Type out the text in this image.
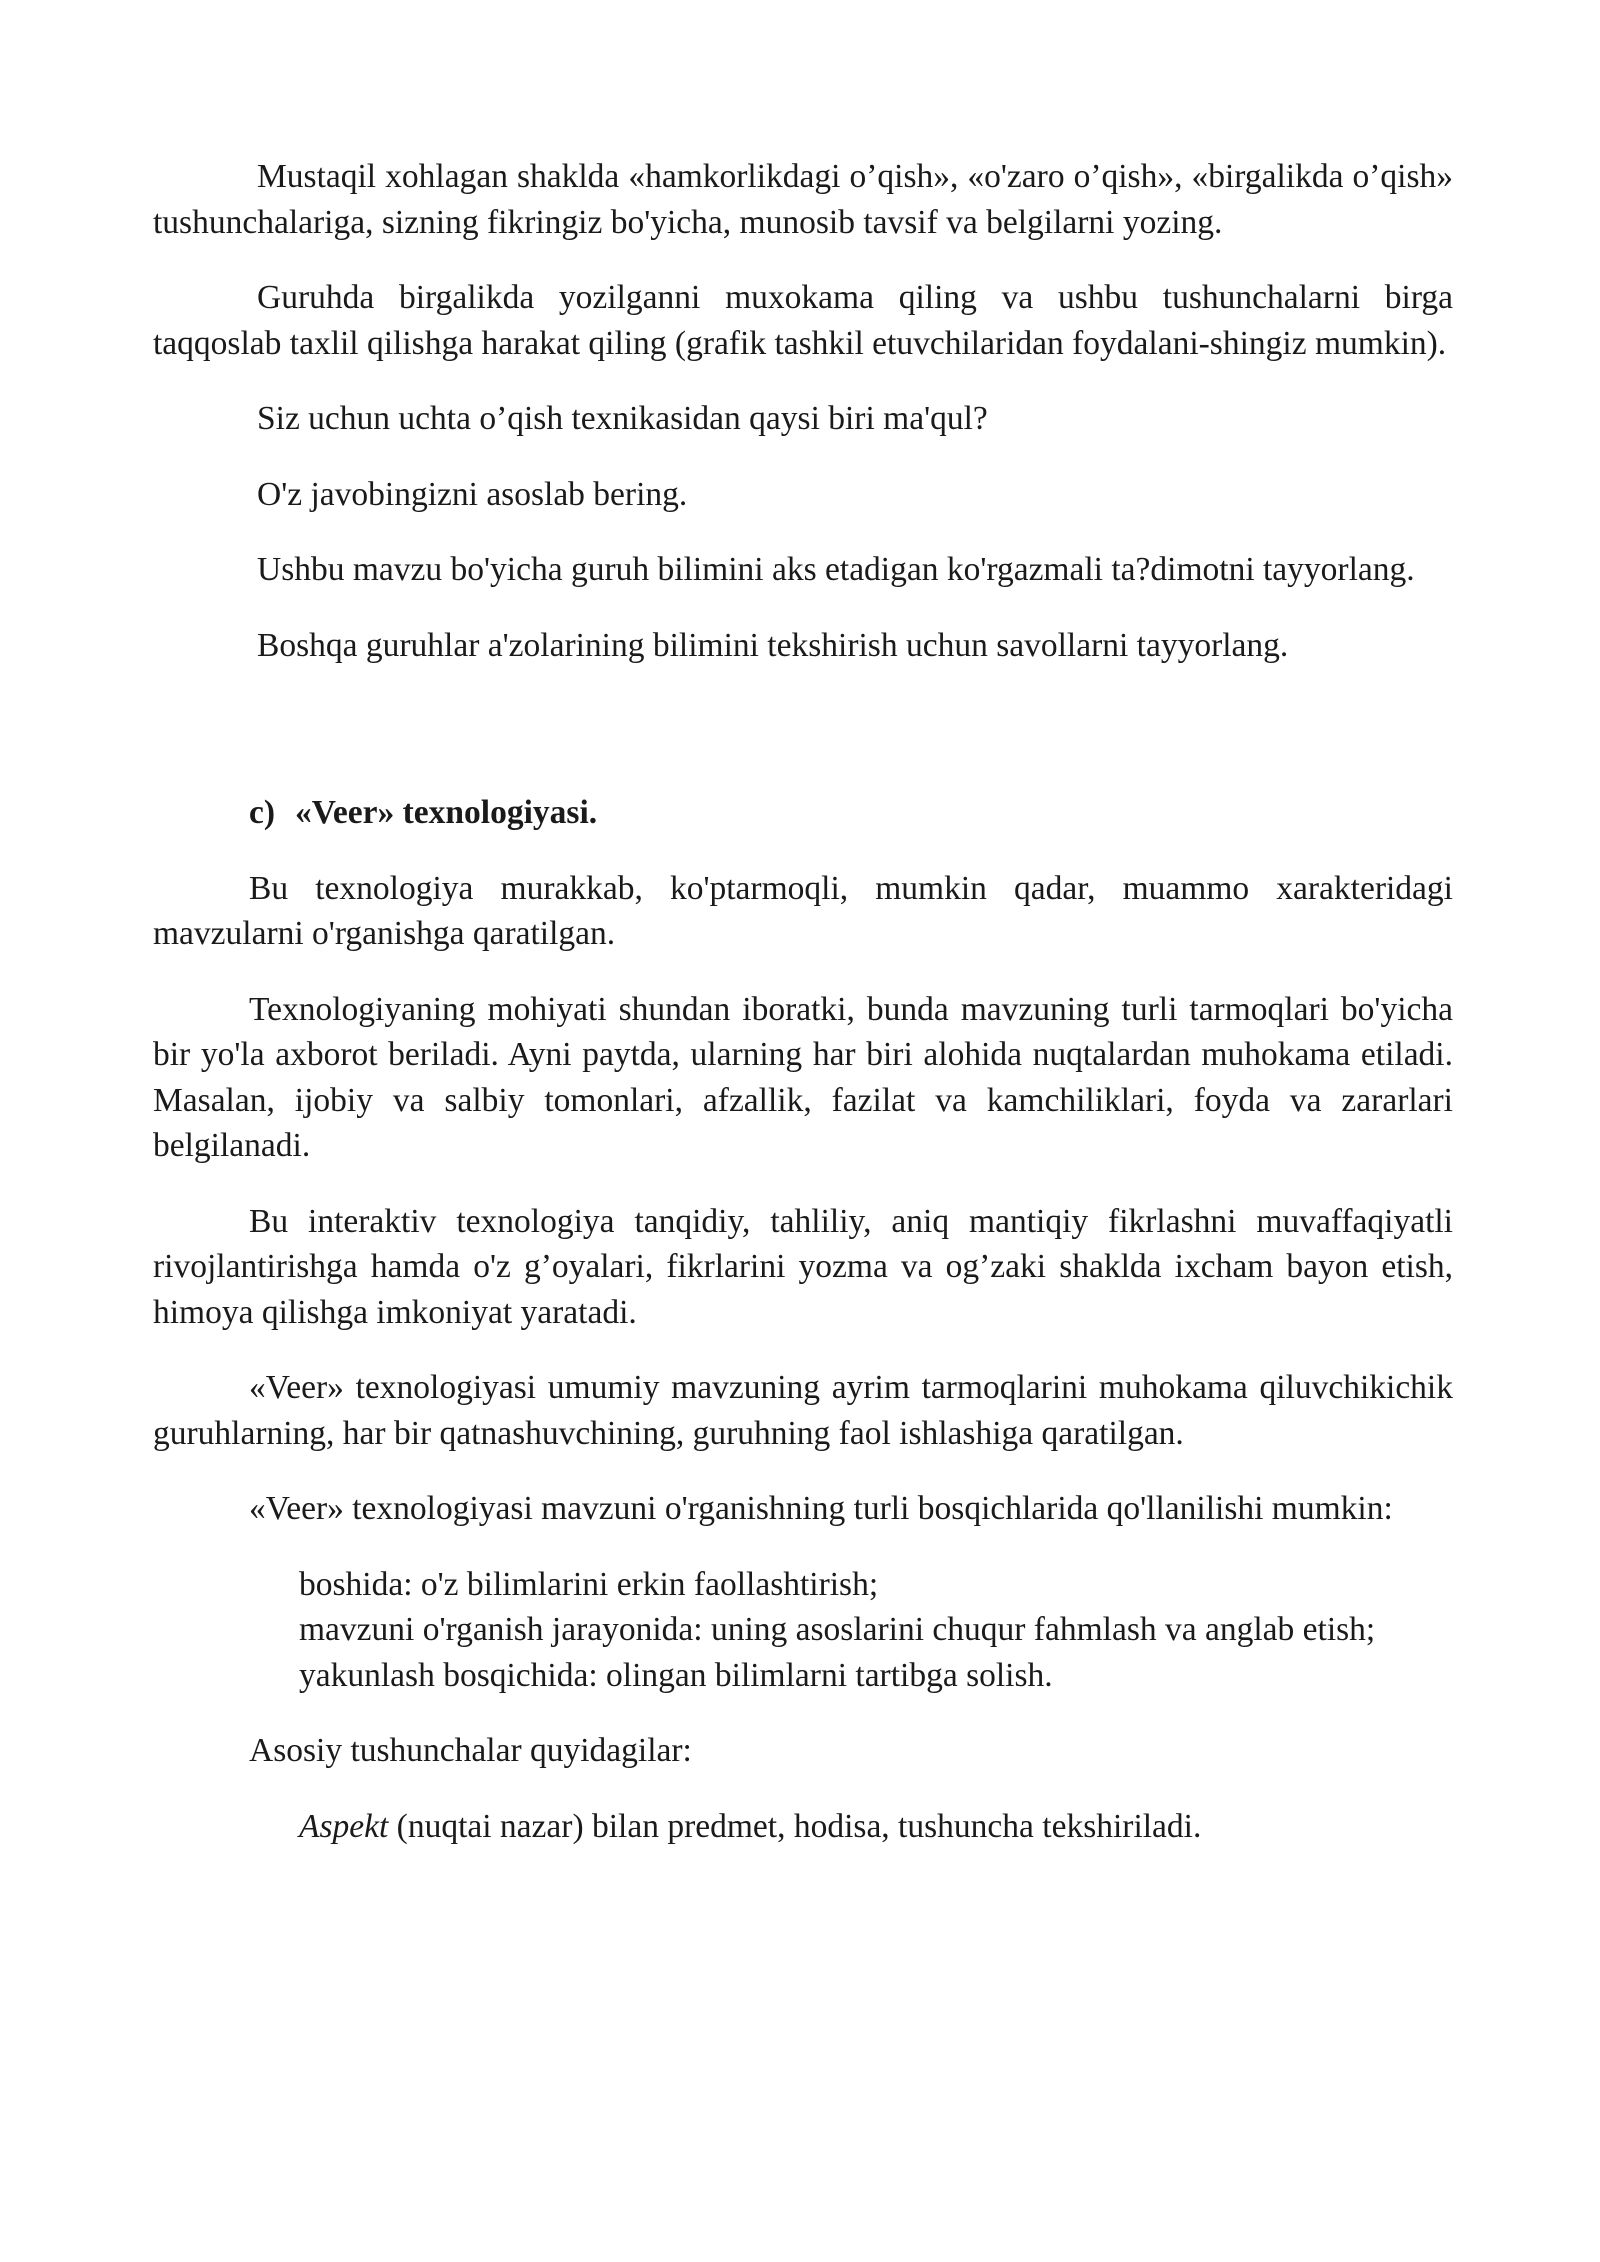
Mustaqil xohlagan shaklda «hamkorlikdagi o’qish», «o'zaro o’qish», «birgalikda o’qish» tushunchalariga, sizning fikringiz bo'yicha, munosib tavsif va belgilarni yozing.

Guruhda birgalikda yozilganni muxokama qiling va ushbu tushunchalarni birga taqqoslab taxlil qilishga harakat qiling (grafik tashkil etuvchilaridan foydalani-shingiz mumkin).

Siz uchun uchta o’qish texnikasidan qaysi biri ma'qul?

O'z javobingizni asoslab bering.

Ushbu mavzu bo'yicha guruh bilimini aks etadigan ko'rgazmali ta?dimotni tayyorlang.

Boshqa guruhlar a'zolarining bilimini tekshirish uchun savollarni tayyorlang.

c) «Veer» texnologiyasi.

Bu texnologiya murakkab, ko'ptarmoqli, mumkin qadar, muammo xarakteridagi mavzularni o'rganishga qaratilgan.

Texnologiyaning mohiyati shundan iboratki, bunda mavzuning turli tarmoqlari bo'yicha bir yo'la axborot beriladi. Ayni paytda, ularning har biri alohida nuqtalardan muhokama etiladi. Masalan, ijobiy va salbiy tomonlari, afzallik, fazilat va kamchiliklari, foyda va zararlari belgilanadi.

Bu interaktiv texnologiya tanqidiy, tahliliy, aniq mantiqiy fikrlashni muvaffaqiyatli rivojlantirishga hamda o'z g’oyalari, fikrlarini yozma va og’zaki shaklda ixcham bayon etish, himoya qilishga imkoniyat yaratadi.

«Veer» texnologiyasi umumiy mavzuning ayrim tarmoqlarini muhokama qiluvchikichik guruhlarning, har bir qatnashuvchining, guruhning faol ishlashiga qaratilgan.

«Veer» texnologiyasi mavzuni o'rganishning turli bosqichlarida qo'llanilishi mumkin:

boshida: o'z bilimlarini erkin faollashtirish;

mavzuni o'rganish jarayonida: uning asoslarini chuqur fahmlash va anglab etish;

yakunlash bosqichida: olingan bilimlarni tartibga solish.

Asosiy tushunchalar quyidagilar:

Aspekt (nuqtai nazar) bilan predmet, hodisa, tushuncha tekshiriladi.
